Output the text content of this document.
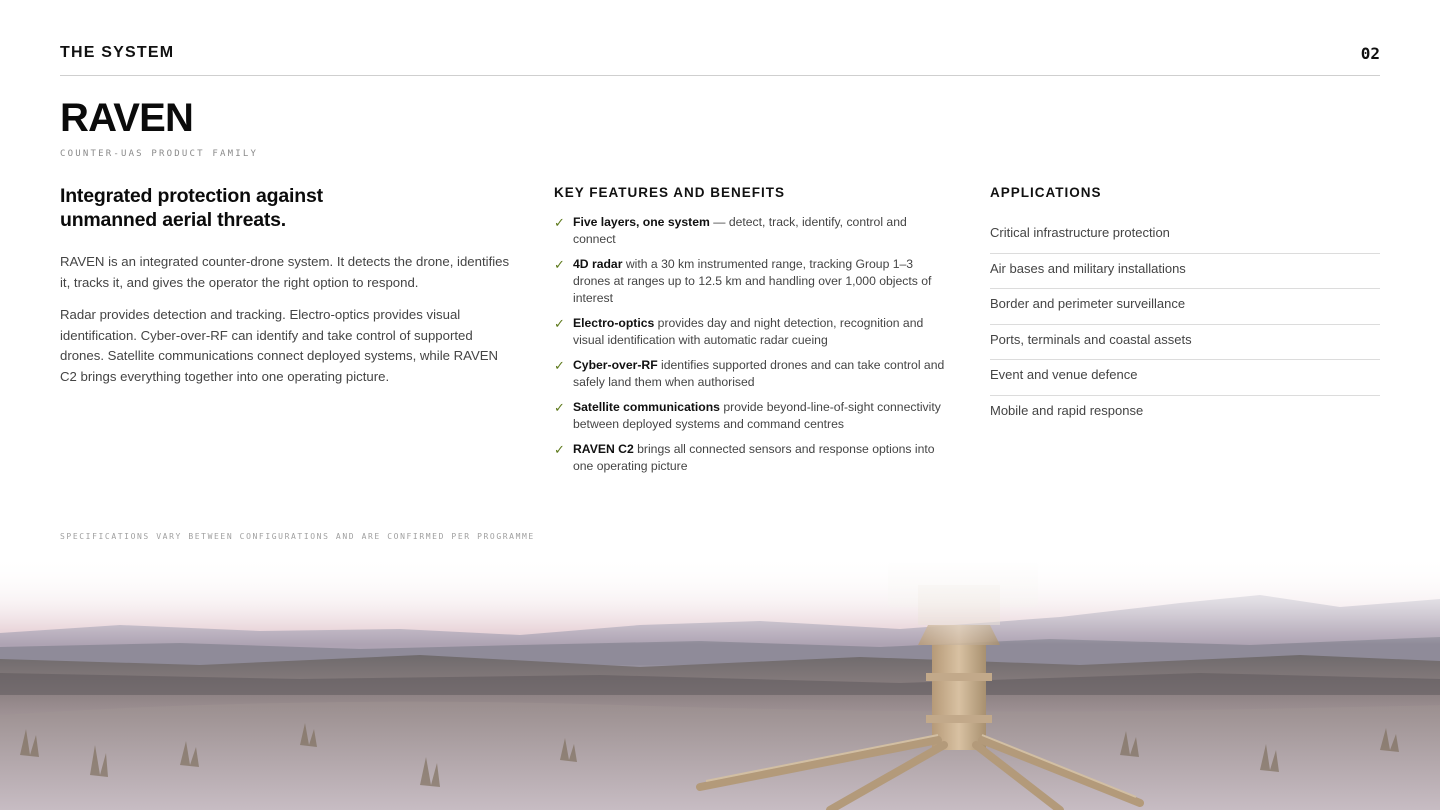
THE SYSTEM	02
RAVEN
COUNTER-UAS PRODUCT FAMILY
Integrated protection against
unmanned aerial threats.

RAVEN is an integrated counter-drone system. It detects the drone, identifies it, tracks it, and gives the operator the right option to respond.

Radar provides detection and tracking. Electro-optics provides visual identification. Cyber-over-RF can identify and take control of supported drones. Satellite communications connect deployed systems, while RAVEN C2 brings everything together into one operating picture.

KEY FEATURES AND BENEFITS
✓ Five layers, one system — detect, track, identify, control and connect
✓ 4D radar with a 30 km instrumented range, tracking Group 1–3 drones at ranges up to 12.5 km and handling over 1,000 objects of interest
✓ Electro-optics provides day and night detection, recognition and visual identification with automatic radar cueing
✓ Cyber-over-RF identifies supported drones and can take control and safely land them when authorised
✓ Satellite communications provide beyond-line-of-sight connectivity between deployed systems and command centres
✓ RAVEN C2 brings all connected sensors and response options into one operating picture
APPLICATIONS
Critical infrastructure protection
Air bases and military installations
Border and perimeter surveillance
Ports, terminals and coastal assets
Event and venue defence
Mobile and rapid response
SPECIFICATIONS VARY BETWEEN CONFIGURATIONS AND ARE CONFIRMED PER PROGRAMME
